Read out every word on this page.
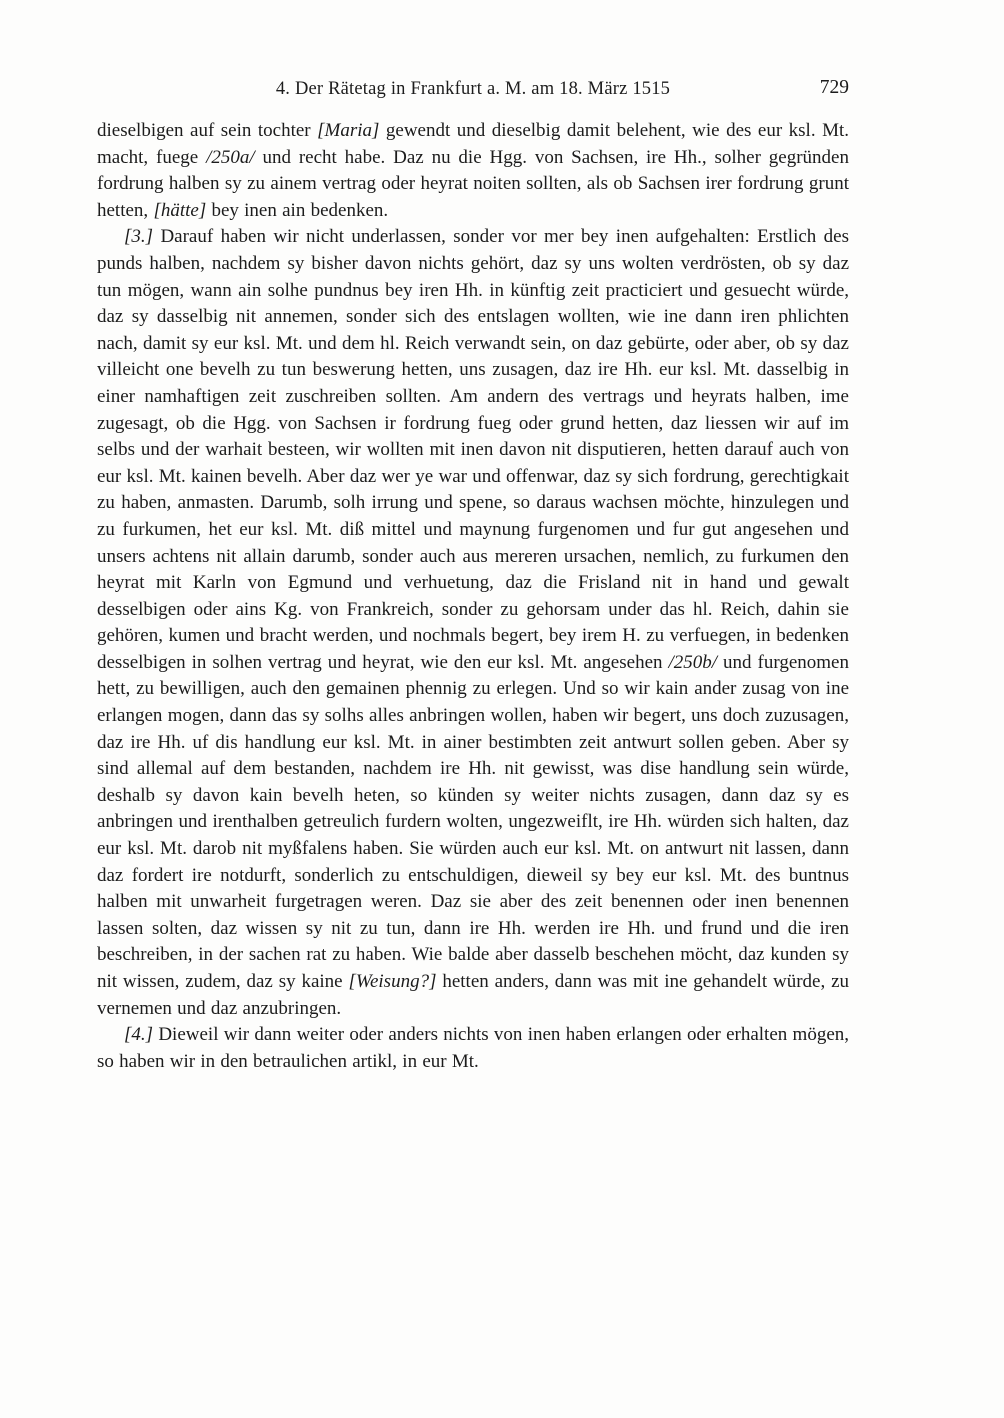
4. Der Rätetag in Frankfurt a. M. am 18. März 1515	729

dieselbigen auf sein tochter [Maria] gewendt und dieselbig damit belehent, wie des eur ksl. Mt. macht, fuege /250a/ und recht habe. Daz nu die Hgg. von Sachsen, ire Hh., solher gegründen fordrung halben sy zu ainem vertrag oder heyrat noiten sollten, als ob Sachsen irer fordrung grunt hetten, [hätte] bey inen ain bedenken.

[3.] Darauf haben wir nicht underlassen, sonder vor mer bey inen aufgehalten: Erstlich des punds halben, nachdem sy bisher davon nichts gehört, daz sy uns wolten verdrösten, ob sy daz tun mögen, wann ain solhe pundnus bey iren Hh. in künftig zeit practiciert und gesuecht würde, daz sy dasselbig nit annemen, sonder sich des entslagen wollten, wie ine dann iren phlichten nach, damit sy eur ksl. Mt. und dem hl. Reich verwandt sein, on daz gebürte, oder aber, ob sy daz villeicht one bevelh zu tun beswerung hetten, uns zusagen, daz ire Hh. eur ksl. Mt. dasselbig in einer namhaftigen zeit zuschreiben sollten. Am andern des vertrags und heyrats halben, ime zugesagt, ob die Hgg. von Sachsen ir fordrung fueg oder grund hetten, daz liessen wir auf im selbs und der warhait besteen, wir wollten mit inen davon nit disputieren, hetten darauf auch von eur ksl. Mt. kainen bevelh. Aber daz wer ye war und offenwar, daz sy sich fordrung, gerechtigkait zu haben, anmasten. Darumb, solh irrung und spene, so daraus wachsen möchte, hinzulegen und zu furkumen, het eur ksl. Mt. diß mittel und maynung furgenomen und fur gut angesehen und unsers achtens nit allain darumb, sonder auch aus mereren ursachen, nemlich, zu furkumen den heyrat mit Karln von Egmund und verhuetung, daz die Frisland nit in hand und gewalt desselbigen oder ains Kg. von Frankreich, sonder zu gehorsam under das hl. Reich, dahin sie gehören, kumen und bracht werden, und nochmals begert, bey irem H. zu verfuegen, in bedenken desselbigen in solhen vertrag und heyrat, wie den eur ksl. Mt. angesehen /250b/ und furgenomen hett, zu bewilligen, auch den gemainen phennig zu erlegen. Und so wir kain ander zusag von ine erlangen mogen, dann das sy solhs alles anbringen wollen, haben wir begert, uns doch zuzusagen, daz ire Hh. uf dis handlung eur ksl. Mt. in ainer bestimbten zeit antwurt sollen geben. Aber sy sind allemal auf dem bestanden, nachdem ire Hh. nit gewisst, was dise handlung sein würde, deshalb sy davon kain bevelh heten, so künden sy weiter nichts zusagen, dann daz sy es anbringen und irenthalben getreulich furdern wolten, ungezweiflt, ire Hh. würden sich halten, daz eur ksl. Mt. darob nit myßfalens haben. Sie würden auch eur ksl. Mt. on antwurt nit lassen, dann daz fordert ire notdurft, sonderlich zu entschuldigen, dieweil sy bey eur ksl. Mt. des buntnus halben mit unwarheit furgetragen weren. Daz sie aber des zeit benennen oder inen benennen lassen solten, daz wissen sy nit zu tun, dann ire Hh. werden ire Hh. und frund und die iren beschreiben, in der sachen rat zu haben. Wie balde aber dasselb beschehen möcht, daz kunden sy nit wissen, zudem, daz sy kaine [Weisung?] hetten anders, dann was mit ine gehandelt würde, zu vernemen und daz anzubringen.

[4.] Dieweil wir dann weiter oder anders nichts von inen haben erlangen oder erhalten mögen, so haben wir in den betraulichen artikl, in eur Mt.
